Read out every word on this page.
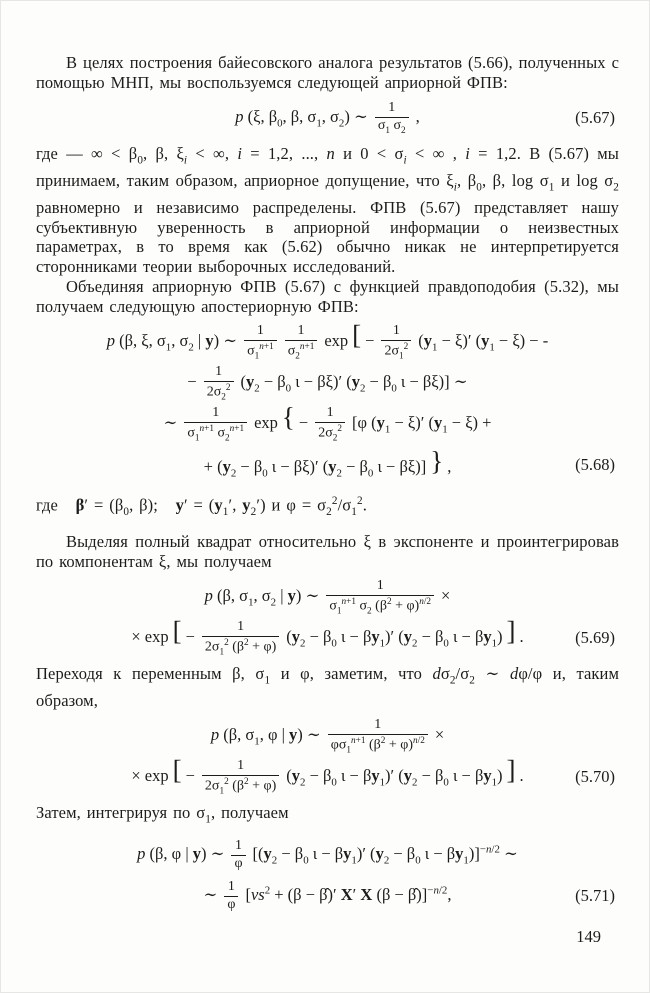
В целях построения байесовского аналога результатов (5.66), полученных с помощью МНП, мы воспользуемся следующей априорной ФПВ:

p (ξ, $\beta_0$, β, $\sigma_1$, $\sigma_2$) ∼ $\frac{1}{\sigma_1 \sigma_2}$ ,	(5.67)

где — ∞ < $\beta_0$, β, $\xi_i$ < ∞, i = 1,2, ..., n и $0 < \sigma_i$ < ∞ , i = 1,2. В (5.67) мы принимаем, таким образом, априорное допущение, что $\xi_i$, $\beta_0$, β, $\log \sigma_1$ и $\log \sigma_2$ равномерно и независимо распределены. ФПВ (5.67) представляет нашу субъективную уверенность в априорной информации о неизвестных параметрах, в то время как (5.62) обычно никак не интерпретируется сторонниками теории выборочных исследований.

Объединяя априорную ФПВ (5.67) с функцией правдоподобия (5.32), мы получаем следующую апостериорную ФПВ:

p (β, ξ, $\sigma_1$, $\sigma_2$ | y) ∼ $\frac{1}{\sigma_1^{n+1}} \frac{1}{\sigma_2^{n+1}}$ exp [ − $\frac{1}{2\sigma_1^2} (y_1 - \xi)'$ $(y_1 - \xi)$ − -
− $\frac{1}{2\sigma_2^2} (y_2 - \beta_0$ ι − βξ)′ ($y_2 - \beta_0$ ι − βξ)] ∼
∼ $\frac{1}{\sigma_1^{n+1} \sigma_2^{n+1}}$ exp { − $\frac{1}{2\sigma_2^2} [\varphi$ $(y_1 - \xi)'$ $(y_1 - \xi)$ +
+ ($y_2 - \beta_0$ ι − βξ)′ ($y_2 - \beta_0$ ι − βξ)] } ,	(5.68)

где   $\beta' = (\beta_0$, β);   $y' = (y_1'$, $y_2'$) и $\varphi = \sigma_2^2/\sigma_1^2$.

Выделяя полный квадрат относительно ξ в экспоненте и проинтегрировав по компонентам ξ, мы получаем

p (β, $\sigma_1$, $\sigma_2$ | y) ∼ $\frac{1}{\sigma_1^{n+1} \sigma_2 (\beta^2 + \varphi)^{n/2}}$ ×
× exp [ − $\frac{1}{2\sigma_1^2 (\beta^2 + \varphi)} (y_2 - \beta_0$ $\iota - \beta y_1)'$ ($y_2 - \beta_0$ $\iota - \beta y_1$) ] .	(5.69)

Переходя к переменным β, $\sigma_1$ и φ, заметим, что $d\sigma_2/\sigma_2$ ∼ dφ/φ и, таким образом,

p (β, $\sigma_1$, φ | y) ∼ $\frac{1}{\varphi\sigma_1^{n+1} (\beta^2 + \varphi)^{n/2}}$ ×
× exp [ − $\frac{1}{2\sigma_1^2 (\beta^2 + \varphi)} (y_2 - \beta_0$ $\iota - \beta y_1)'$ ($y_2 - \beta_0$ $\iota - \beta y_1$) ] .	(5.70)

Затем, интегрируя по $\sigma_1$, получаем

p (β, φ | y) ∼ $\frac{1}{\varphi} [(y_2 - \beta_0$ $\iota - \beta y_1)'$ ($y_2 - \beta_0$ $\iota - \beta y_1)]^{-n/2}$ ∼
∼ $\frac{1}{\varphi} [\nu s^2 + (\beta$ − β̂)′ X′ X (β − β̂)]$^{-n/2}$,	(5.71)
149
